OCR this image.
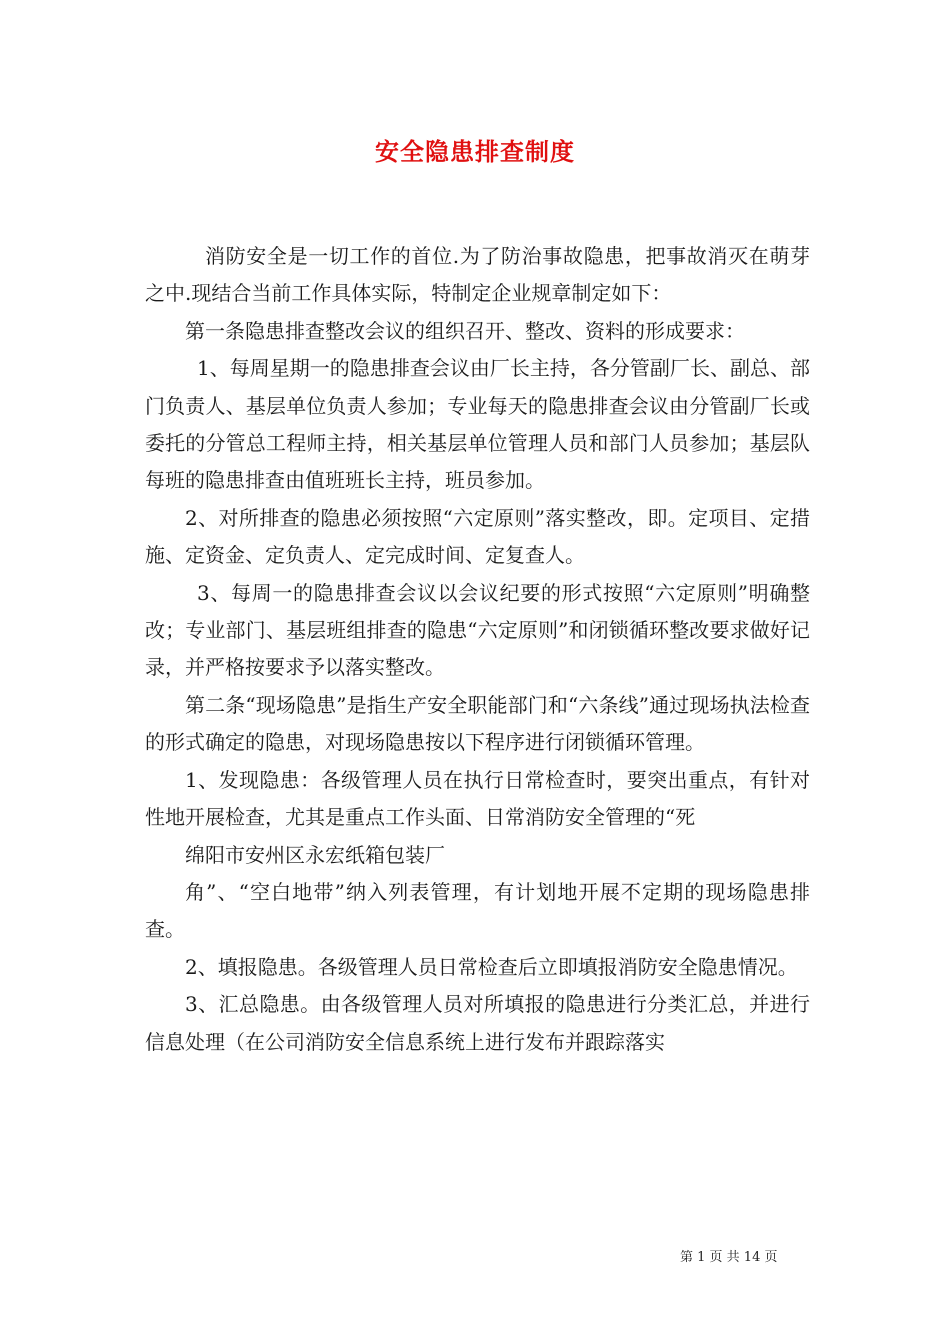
安全隐患排查制度

消防安全是一切工作的首位.为了防治事故隐患，把事故消灭在萌芽之中.现结合当前工作具体实际，特制定企业规章制定如下：

第一条隐患排查整改会议的组织召开、整改、资料的形成要求：

1、每周星期一的隐患排查会议由厂长主持，各分管副厂长、副总、部门负责人、基层单位负责人参加；专业每天的隐患排查会议由分管副厂长或委托的分管总工程师主持，相关基层单位管理人员和部门人员参加；基层队每班的隐患排查由值班班长主持，班员参加。

2、对所排查的隐患必须按照“六定原则”落实整改，即。定项目、定措施、定资金、定负责人、定完成时间、定复查人。

3、每周一的隐患排查会议以会议纪要的形式按照“六定原则”明确整改；专业部门、基层班组排查的隐患“六定原则”和闭锁循环整改要求做好记录，并严格按要求予以落实整改。

第二条“现场隐患”是指生产安全职能部门和“六条线”通过现场执法检查的形式确定的隐患，对现场隐患按以下程序进行闭锁循环管理。

1、发现隐患：各级管理人员在执行日常检查时，要突出重点，有针对性地开展检查，尤其是重点工作头面、日常消防安全管理的“死

绵阳市安州区永宏纸箱包装厂

角”、“空白地带”纳入列表管理，有计划地开展不定期的现场隐患排查。

2、填报隐患。各级管理人员日常检查后立即填报消防安全隐患情况。

3、汇总隐患。由各级管理人员对所填报的隐患进行分类汇总，并进行信息处理（在公司消防安全信息系统上进行发布并跟踪落实

第 1 页 共 14 页
